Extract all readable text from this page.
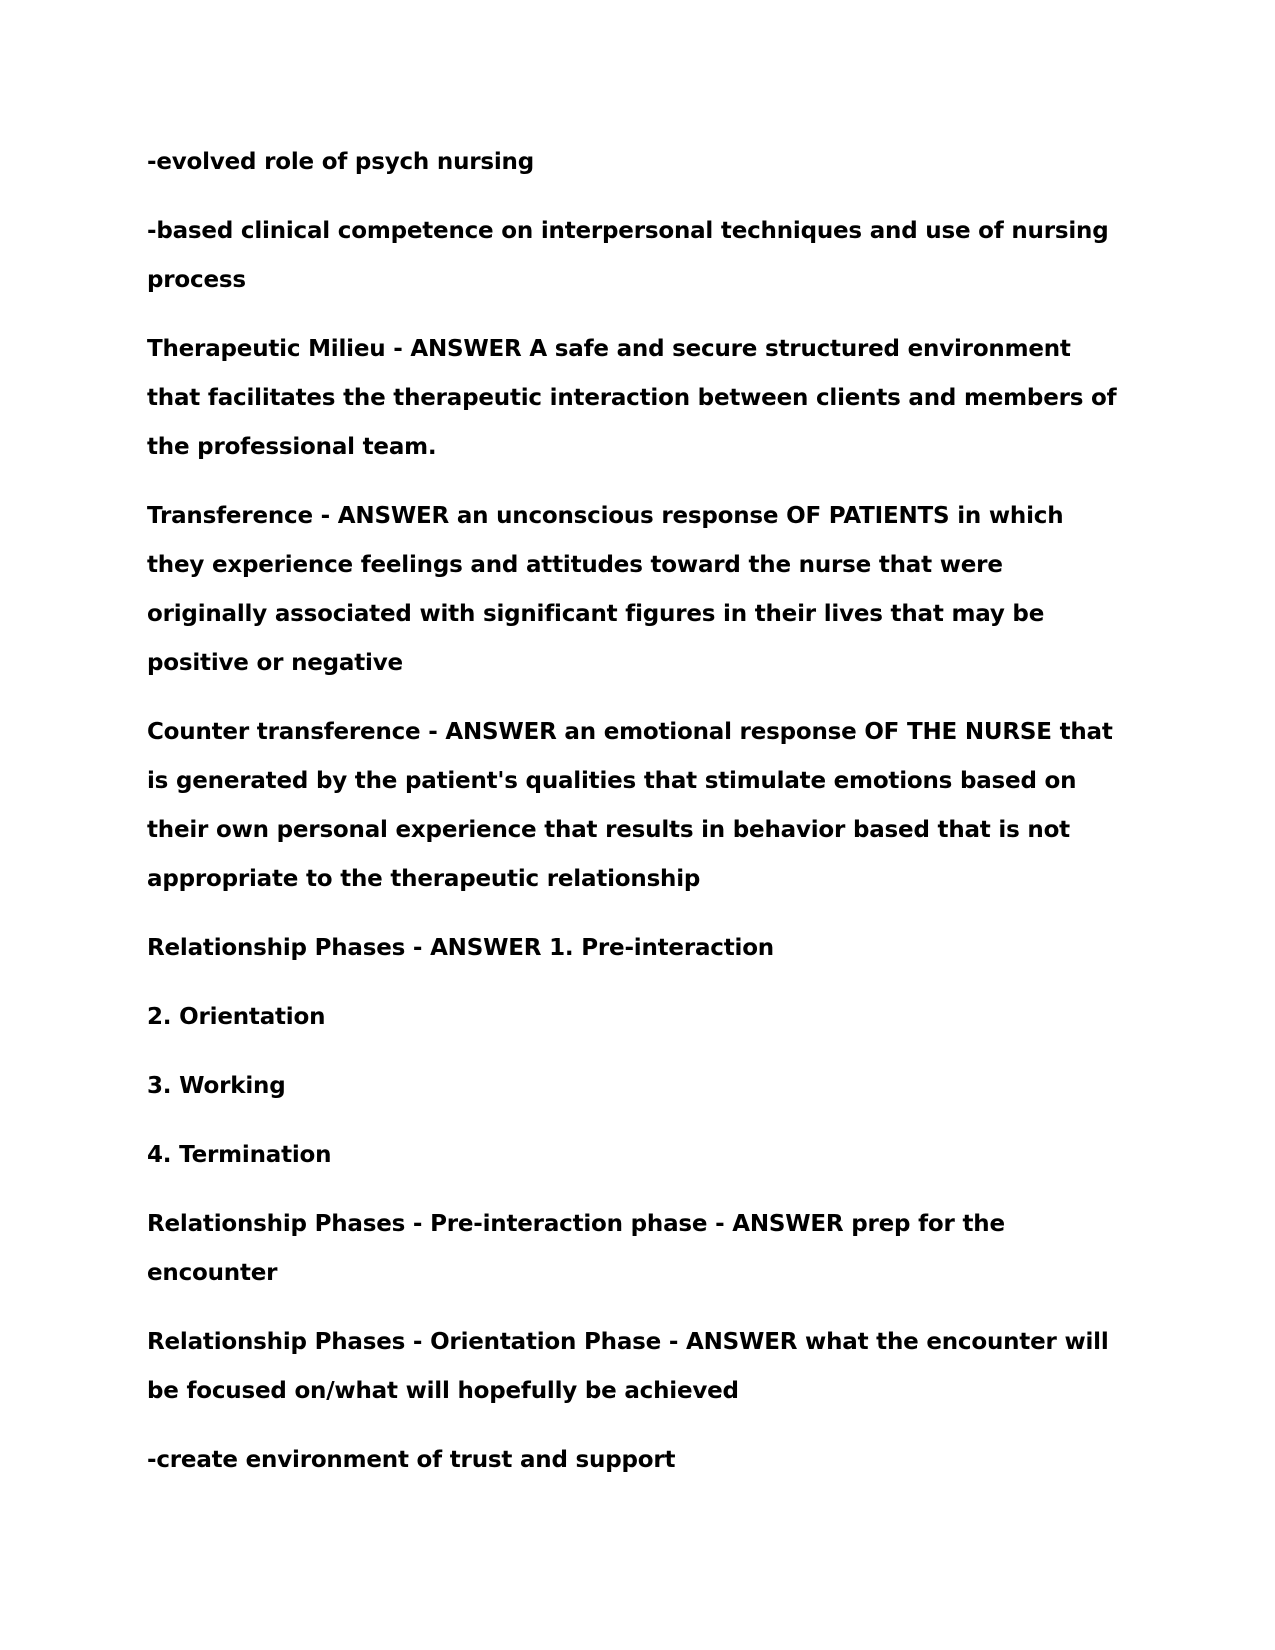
-evolved role of psych nursing

-based clinical competence on interpersonal techniques and use of nursing process

Therapeutic Milieu - ANSWER A safe and secure structured environment that facilitates the therapeutic interaction between clients and members of the professional team.

Transference - ANSWER an unconscious response OF PATIENTS in which they experience feelings and attitudes toward the nurse that were originally associated with significant figures in their lives that may be positive or negative

Counter transference - ANSWER an emotional response OF THE NURSE that is generated by the patient's qualities that stimulate emotions based on their own personal experience that results in behavior based that is not appropriate to the therapeutic relationship

Relationship Phases - ANSWER 1. Pre-interaction

2. Orientation

3. Working

4. Termination

Relationship Phases - Pre-interaction phase - ANSWER prep for the encounter

Relationship Phases - Orientation Phase - ANSWER what the encounter will be focused on/what will hopefully be achieved

-create environment of trust and support
